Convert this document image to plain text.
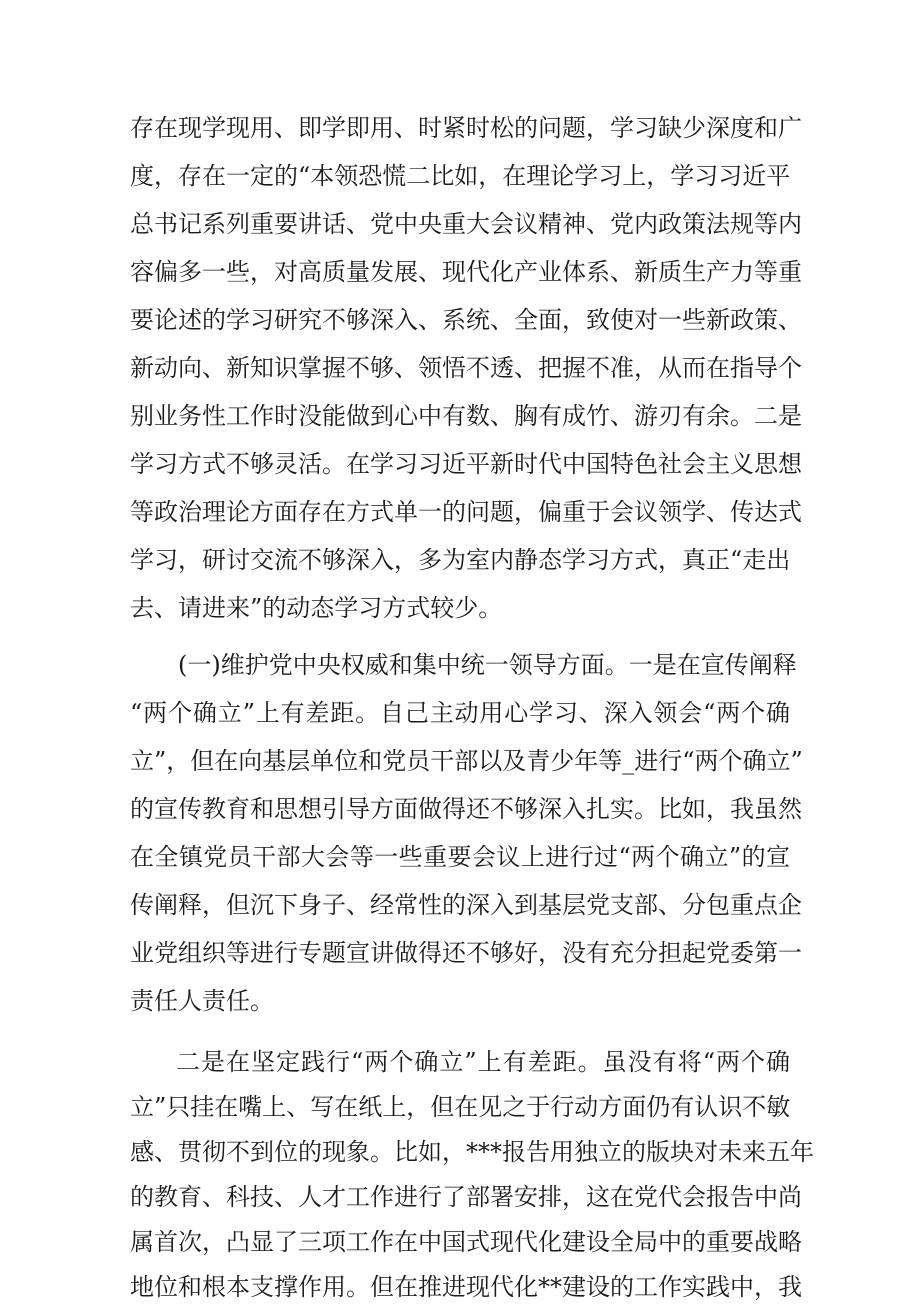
存在现学现用、即学即用、时紧时松的问题，学习缺少深度和广
度，存在一定的“本领恐慌二比如，在理论学习上，学习习近平
总书记系列重要讲话、党中央重大会议精神、党内政策法规等内
容偏多一些，对高质量发展、现代化产业体系、新质生产力等重
要论述的学习研究不够深入、系统、全面，致使对一些新政策、
新动向、新知识掌握不够、领悟不透、把握不准，从而在指导个
别业务性工作时没能做到心中有数、胸有成竹、游刃有余。二是
学习方式不够灵活。在学习习近平新时代中国特色社会主义思想
等政治理论方面存在方式单一的问题，偏重于会议领学、传达式
学习，研讨交流不够深入，多为室内静态学习方式，真正“走出
去、请进来”的动态学习方式较少。
(一)维护党中央权威和集中统一领导方面。一是在宣传阐释
“两个确立”上有差距。自己主动用心学习、深入领会“两个确
立”，但在向基层单位和党员干部以及青少年等_进行“两个确立”
的宣传教育和思想引导方面做得还不够深入扎实。比如，我虽然
在全镇党员干部大会等一些重要会议上进行过“两个确立”的宣
传阐释，但沉下身子、经常性的深入到基层党支部、分包重点企
业党组织等进行专题宣讲做得还不够好，没有充分担起党委第一
责任人责任。
二是在坚定践行“两个确立”上有差距。虽没有将“两个确
立”只挂在嘴上、写在纸上，但在见之于行动方面仍有认识不敏
感、贯彻不到位的现象。比如，***报告用独立的版块对未来五年
的教育、科技、人才工作进行了部署安排，这在党代会报告中尚
属首次，凸显了三项工作在中国式现代化建设全局中的重要战略
地位和根本支撑作用。但在推进现代化**建设的工作实践中，我
